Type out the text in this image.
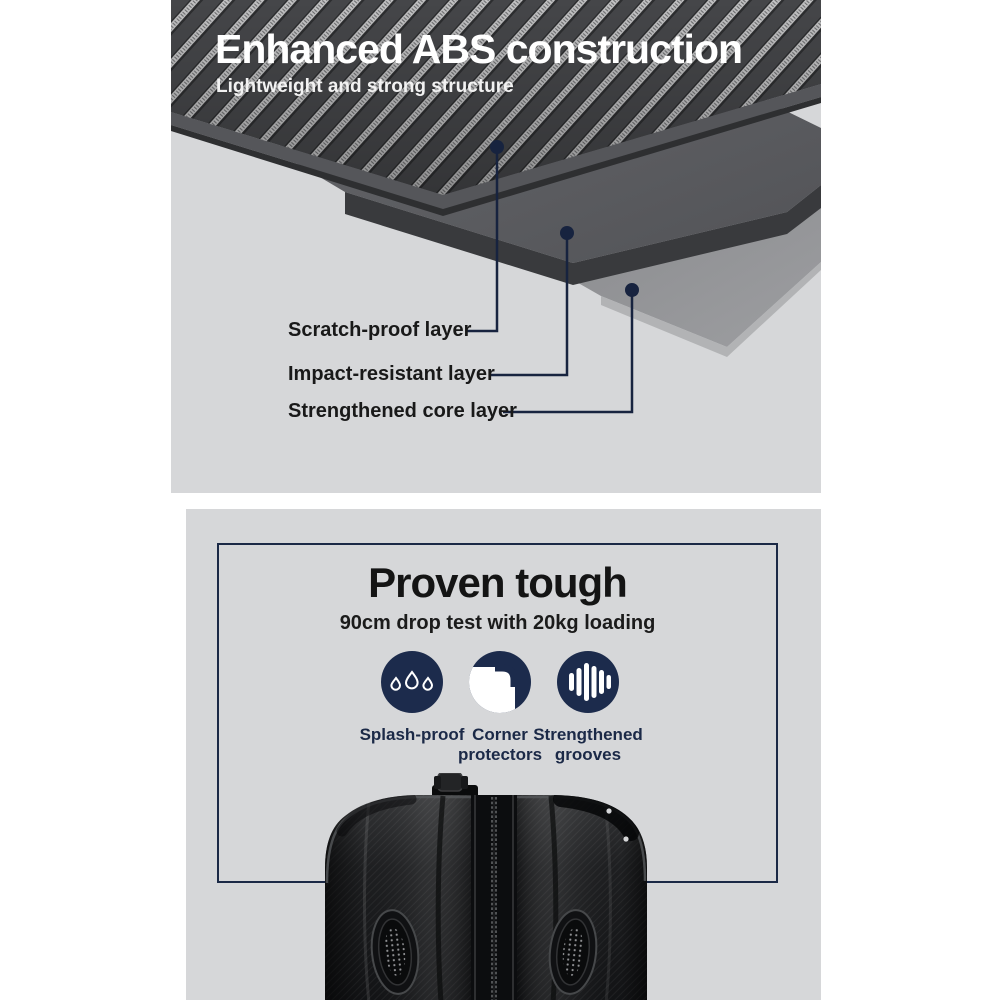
Enhanced ABS construction
Lightweight and strong structure
Scratch-proof layer
Impact-resistant layer
Strengthened core layer
Proven tough
90cm drop test with 20kg loading
Splash-proof Corner protectors
Strengthened grooves
